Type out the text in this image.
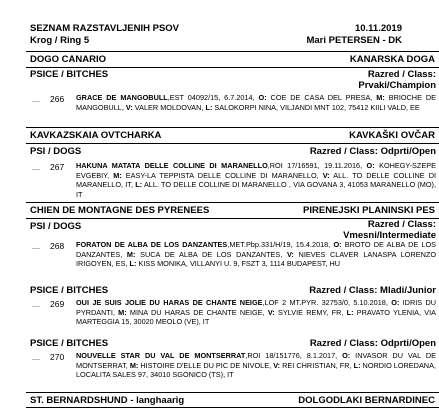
SEZNAM RAZSTAVLJENIH PSOV	10.11.2019
Krog / Ring 5	Mari PETERSEN - DK
DOGO CANARIO	KANARSKA DOGA
PSICE / BITCHES	Razred / Class:
Prvaki/Champion
.... 266 GRACE DE MANGOBULL,EST 04092/15, 6.7.2014, O: COE DE CASA DEL PRESA, M: BRIOCHE DE MANGOBULL, V: VALER MOLDOVAN, L: SALOKORPI NINA, VILJANDI MNT 102, 75412 KIILI VALD, EE
KAVKAZSKAIA OVTCHARKA	KAVKAŠKI OVČAR
PSI / DOGS	Razred / Class: Odprti/Open
.... 267 HAKUNA MATATA DELLE COLLINE DI MARANELLO,ROI 17/16591, 19.11.2016, O: KOHEGY-SZEPE EVGEBIY, M: EASY-LA TEPPISTA DELLE COLLINE DI MARANELLO, V: ALL. TO DELLE COLLINE DI MARANELLO, IT, L: ALL. TO DELLE COLLINE DI MARANELLO , VIA GOVANA 3, 41053 MARANELLO (MO), IT
CHIEN DE MONTAGNE DES PYRENEES	PIRENEJSKI PLANINSKI PES
PSI / DOGS	Razred / Class:
Vmesni/Intermediate
.... 268 FORATON DE ALBA DE LOS DANZANTES,MET.Pbp.331/H/19, 15.4.2018, O: BROTO DE ALBA DE LOS DANZANTES, M: SUCA DE ALBA DE LOS DANZANTES, V: NIEVES CLAVER LANASPA LORENZO IRIGOYEN, ES, L: KISS MONIKA, VILLANYI U. 9, FSZT 3, 1114 BUDAPEST, HU
PSICE / BITCHES	Razred / Class: Mladi/Junior
.... 269 OUI JE SUIS JOLIE DU HARAS DE CHANTE NEIGE,LOF 2 MT.PYR. 32753/0, 5.10.2018, O: IDRIS DU PYRDANTI, M: MINA DU HARAS DE CHANTE NEIGE, V: SYLVIE REMY, FR, L: PRAVATO YLENIA, VIA MARTEGGIA 15, 30020 MEOLO (VE), IT
PSICE / BITCHES	Razred / Class: Odprti/Open
.... 270 NOUVELLE STAR DU VAL DE MONTSERRAT,ROI 18/151776, 8.1.2017, O: INVASOR DU VAL DE MONTSERRAT, M: HISTOIRE D'ELLE DU PIC DE NIVOLE, V: REI CHRISTIAN, FR, L: NORDIO LOREDANA, LOCALITA SALES 97, 34010 SGONICO (TS), IT
ST. BERNARDSHUND - langhaarig	DOLGODLAKI BERNARDINEC
